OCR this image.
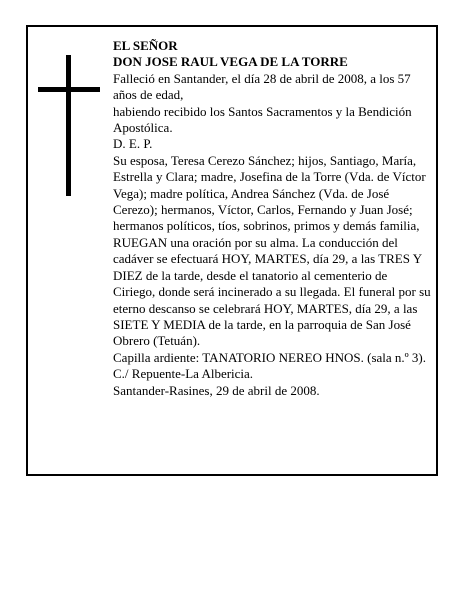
EL SEÑOR

DON JOSE RAUL VEGA DE LA TORRE

Falleció en Santander, el día 28 de abril de 2008, a los 57 años de edad,

habiendo recibido los Santos Sacramentos y la Bendición Apostólica.

D. E. P.

Su esposa, Teresa Cerezo Sánchez; hijos, Santiago, María, Estrella y Clara; madre, Josefina de la Torre (Vda. de Víctor Vega); madre política, Andrea Sánchez (Vda. de José Cerezo); hermanos, Víctor, Carlos, Fernando y Juan José; hermanos políticos, tíos, sobrinos, primos y demás familia,

RUEGAN una oración por su alma. La conducción del cadáver se efectuará HOY, MARTES, día 29, a las TRES Y DIEZ de la tarde, desde el tanatorio al cementerio de Ciriego, donde será incinerado a su llegada. El funeral por su eterno descanso se celebrará HOY, MARTES, día 29, a las SIETE Y MEDIA de la tarde, en la parroquia de San José Obrero (Tetuán).

Capilla ardiente: TANATORIO NEREO HNOS. (sala n.º 3). C./ Repuente-La Albericia.

Santander-Rasines, 29 de abril de 2008.
